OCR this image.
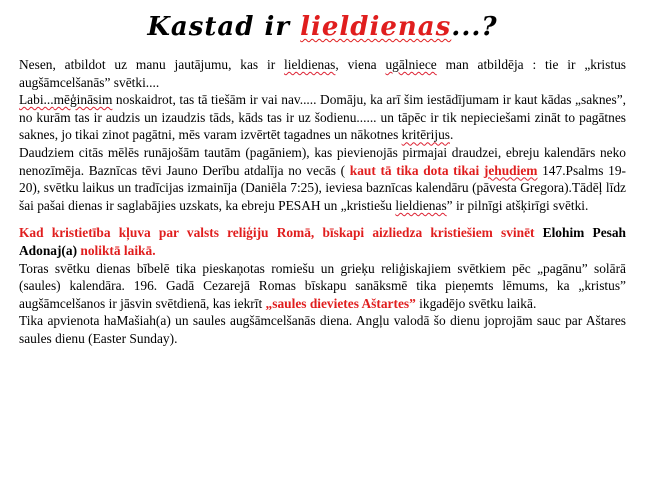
Kastad ir lieldienas...?

Nesen, atbildot uz manu jautājumu, kas ir lieldienas, viena ugālniece man atbildēja : tie ir „kristus augšāmcelšanās” svētki....

Labi...mēģināsim noskaidrot, tas tā tiešām ir vai nav..... Domāju, ka arī šim iestādījumam ir kaut kādas „saknes”, no kurām tas ir audzis un izaudzis tāds, kāds tas ir uz šodienu...... un tāpēc ir tik nepieciešami zināt to pagātnes saknes, jo tikai zinot pagātni, mēs varam izvērtēt tagadnes un nākotnes kritērijus.

Daudziem citās mēlēs runājošām tautām (pagāniem), kas pievienojās pirmajai draudzei, ebreju kalendārs neko nenozīmēja. Baznīcas tēvi Jauno Derību atdalīja no vecās ( kaut tā tika dota tikai jehudiem 147.Psalms 19-20), svētku laikus un tradīcijas izmainīja (Daniēla 7:25), ieviesa baznīcas kalendāru (pāvesta Gregora).Tādēļ līdz šai pašai dienas ir saglabājies uzskats, ka ebreju PESAH un „kristiešu lieldienas” ir pilnīgi atšķirīgi svētki.

Kad kristietība kļuva par valsts reliģiju Romā, bīskapi aizliedza kristiešiem svinēt Elohim Pesah Adonaj(a) noliktā laikā.

Toras svētku dienas bībelē tika pieskaņotas romiešu un grieķu reliģiskajiem svētkiem pēc „pagānu” solārā (saules) kalendāra. 196. Gadā Cezarejā Romas bīskapu sanāksmē tika pieņemts lēmums, ka „kristus” augšāmcelšanos ir jāsvin svētdienā, kas iekrīt „saules dievietes Aštartes” ikgadējo svētku laikā.

Tika apvienota haMašiah(a) un saules augšāmcelšanās diena. Angļu valodā šo dienu joprojām sauc par Aštares saules dienu (Easter Sunday).
